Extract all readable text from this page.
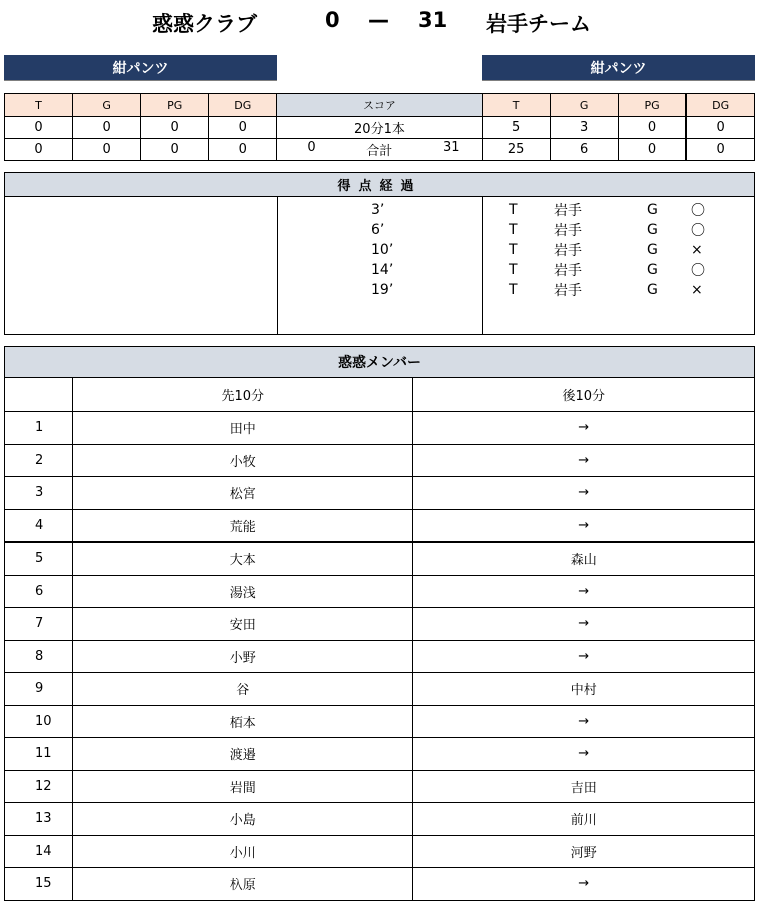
惑惑クラブ	0 — 31 岩手チーム
紺パンツ	紺パンツ
T	G	PG	DG	スコア	T	G	PG	DG
0	0	0	0	20分1本	5	3	0	0
0	0	0	0	0 合計 31	25	6	0	0
得点経過
3’	T	岩手	G 〇
6’	T	岩手	G 〇
10’	T	岩手	G ×
14’	T	岩手	G 〇
19’	T	岩手	G ×
惑惑メンバー		
	先10分	後10分
1	田中	→
2	小牧	→
3	松宮	→
4	荒能	→
5	大本	森山
6	湯浅	→
7	安田	→
8	小野	→
9	谷	中村
10	栢本	→
11	渡邉	→
12	岩間	吉田
13	小島	前川
14	小川	河野
15	杁原	→
